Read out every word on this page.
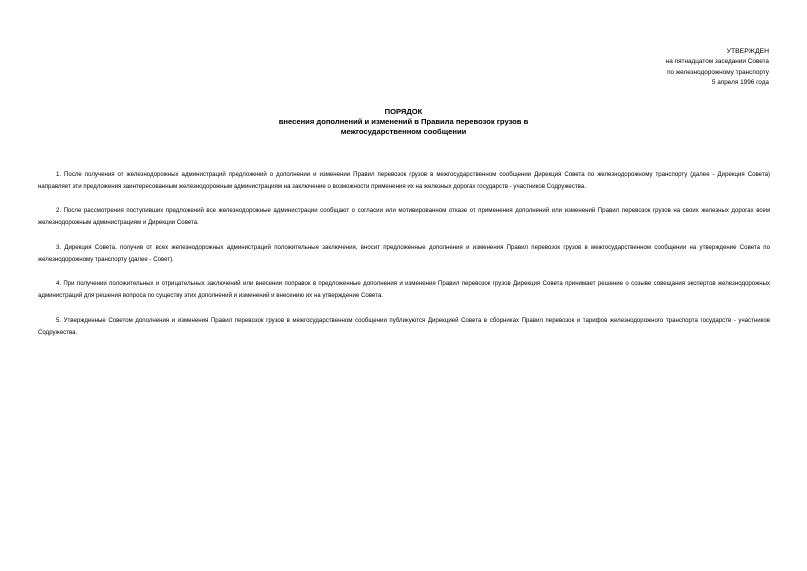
УТВЕРЖДЕН
на пятнадцатом заседании Совета
по железнодорожному транспорту
5 апреля 1996 года
ПОРЯДОК
внесения дополнений и изменений в Правила перевозок грузов в
межгосударственном сообщении

1. После получения от железнодорожных администраций предложений о дополнении и изменении Правил перевозок грузов в межгосударственном сообщении Дирекция Совета по железнодорожному транспорту (далее - Дирекция Совета) направляет эти предложения заинтересованным железнодорожным администрациям на заключение о возможности применения их на железных дорогах государств - участников Содружества.

2. После рассмотрения поступивших предложений все железнодорожные администрации сообщают о согласии или мотивированном отказе от применения дополнений или изменений Правил перевозок грузов на своих железных дорогах всем железнодорожным администрациям и Дирекции Совета.

3. Дирекция Совета, получив от всех железнодорожных администраций положительные заключения, вносит предложенные дополнения и изменения Правил перевозок грузов в межгосударственном сообщении на утверждение Совета по железнодорожному транспорту (далее - Совет).

4. При получении положительных и отрицательных заключений или внесении поправок в предложенные дополнения и изменения Правил перевозок грузов Дирекция Совета принимает решение о созыве совещания экспертов железнодорожных администраций для решения вопроса по существу этих дополнений и изменений и внесению их на утверждение Совета.

5. Утвержденные Советом дополнения и изменения Правил перевозок грузов в межгосударственном сообщении публикуются Дирекцией Совета в сборниках Правил перевозок и тарифов железнодорожного транспорта государств - участников Содружества.
